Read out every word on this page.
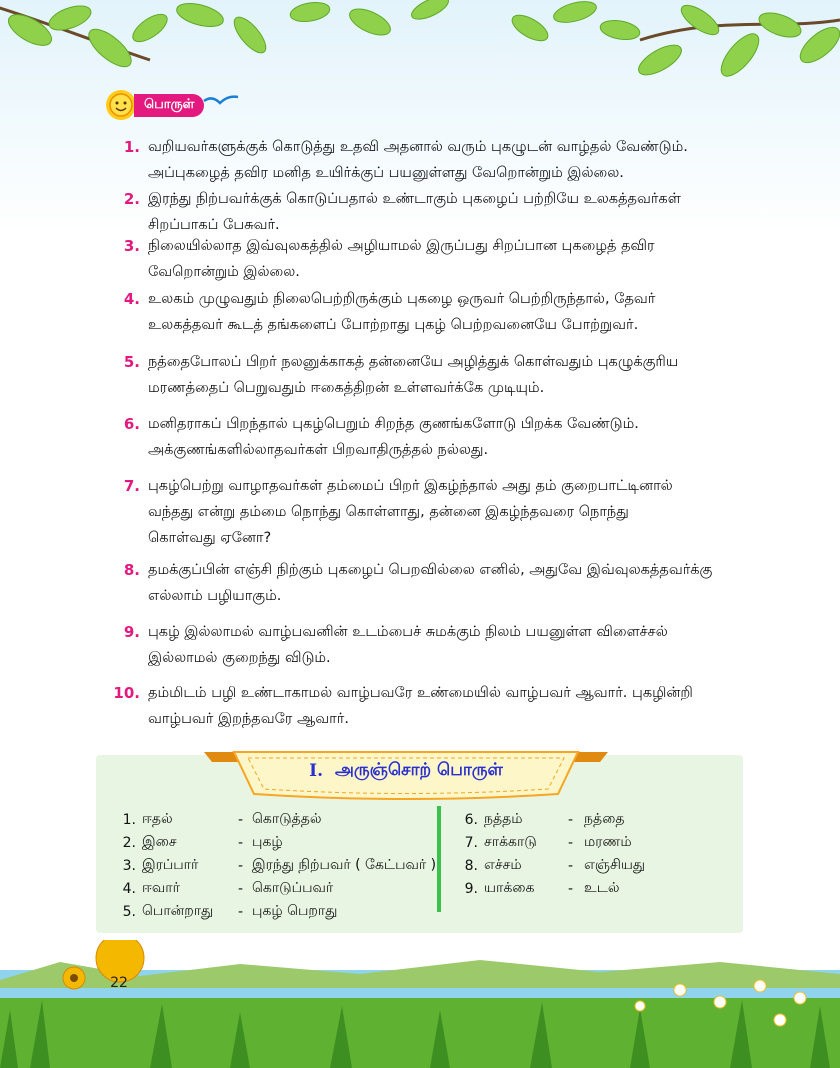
பொருள்
1. வறியவர்களுக்குக் கொடுத்து உதவி அதனால் வரும் புகழுடன் வாழ்தல் வேண்டும்.
அப்புகழைத் தவிர மனித உயிர்க்குப் பயனுள்ளது வேறொன்றும் இல்லை.
2. இரந்து நிற்பவர்க்குக் கொடுப்பதால் உண்டாகும் புகழைப் பற்றியே உலகத்தவர்கள்
சிறப்பாகப் பேசுவர்.
3. நிலையில்லாத இவ்வுலகத்தில் அழியாமல் இருப்பது சிறப்பான புகழைத் தவிர
வேறொன்றும் இல்லை.
4. உலகம் முழுவதும் நிலைபெற்றிருக்கும் புகழை ஒருவர் பெற்றிருந்தால், தேவர்
உலகத்தவர் கூடத் தங்களைப் போற்றாது புகழ் பெற்றவனையே போற்றுவர்.
5. நத்தைபோலப் பிறர் நலனுக்காகத் தன்னையே அழித்துக் கொள்வதும் புகழுக்குரிய
மரணத்தைப் பெறுவதும் ஈகைத்திறன் உள்ளவர்க்கே முடியும்.
6. மனிதராகப் பிறந்தால் புகழ்பெறும் சிறந்த குணங்களோடு பிறக்க வேண்டும்.
அக்குணங்களில்லாதவர்கள் பிறவாதிருத்தல் நல்லது.
7. புகழ்பெற்று வாழாதவர்கள் தம்மைப் பிறர் இகழ்ந்தால் அது தம் குறைபாட்டினால்
வந்தது என்று தம்மை நொந்து கொள்ளாது, தன்னை இகழ்ந்தவரை நொந்து
கொள்வது ஏனோ?
8. தமக்குப்பின் எஞ்சி நிற்கும் புகழைப் பெறவில்லை எனில், அதுவே இவ்வுலகத்தவர்க்கு
எல்லாம் பழியாகும்.
9. புகழ் இல்லாமல் வாழ்பவனின் உடம்பைச் சுமக்கும் நிலம் பயனுள்ள விளைச்சல்
இல்லாமல் குறைந்து விடும்.
10. தம்மிடம் பழி உண்டாகாமல் வாழ்பவரே உண்மையில் வாழ்பவர் ஆவார். புகழின்றி
வாழ்பவர் இறந்தவரே ஆவார்.
I. அருஞ்சொற் பொருள்
1. ஈதல்	- கொடுத்தல்
2. இசை	- புகழ்
3. இரப்பார்	- இரந்து நிற்பவர் ( கேட்பவர் )
4. ஈவார்	- கொடுப்பவர்
5. பொன்றாது	- புகழ் பெறாது
6. நத்தம்	- நத்தை
7. சாக்காடு	- மரணம்
8. எச்சம்	- எஞ்சியது
9. யாக்கை	- உடல்
22
